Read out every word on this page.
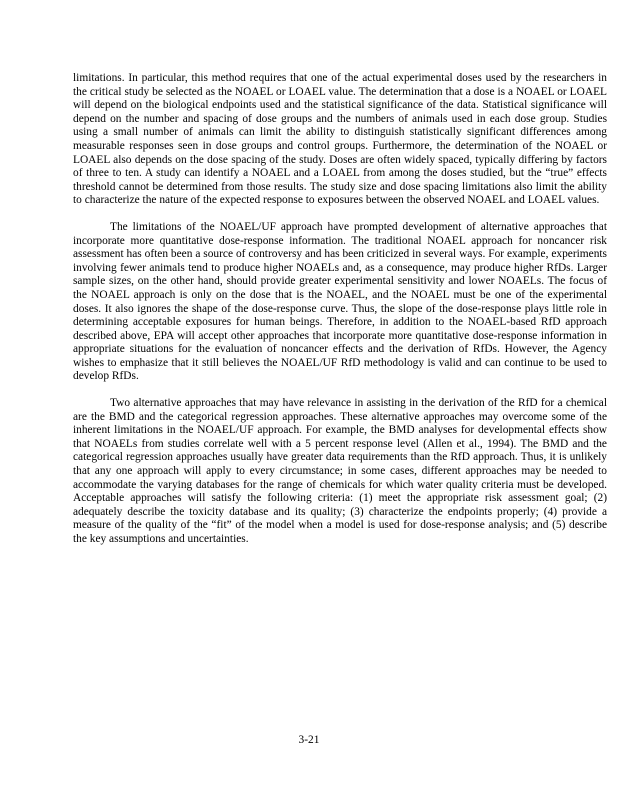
limitations. In particular, this method requires that one of the actual experimental doses used by the researchers in the critical study be selected as the NOAEL or LOAEL value. The determination that a dose is a NOAEL or LOAEL will depend on the biological endpoints used and the statistical significance of the data. Statistical significance will depend on the number and spacing of dose groups and the numbers of animals used in each dose group. Studies using a small number of animals can limit the ability to distinguish statistically significant differences among measurable responses seen in dose groups and control groups. Furthermore, the determination of the NOAEL or LOAEL also depends on the dose spacing of the study. Doses are often widely spaced, typically differing by factors of three to ten. A study can identify a NOAEL and a LOAEL from among the doses studied, but the “true” effects threshold cannot be determined from those results. The study size and dose spacing limitations also limit the ability to characterize the nature of the expected response to exposures between the observed NOAEL and LOAEL values.

The limitations of the NOAEL/UF approach have prompted development of alternative approaches that incorporate more quantitative dose-response information. The traditional NOAEL approach for noncancer risk assessment has often been a source of controversy and has been criticized in several ways. For example, experiments involving fewer animals tend to produce higher NOAELs and, as a consequence, may produce higher RfDs. Larger sample sizes, on the other hand, should provide greater experimental sensitivity and lower NOAELs. The focus of the NOAEL approach is only on the dose that is the NOAEL, and the NOAEL must be one of the experimental doses. It also ignores the shape of the dose-response curve. Thus, the slope of the dose-response plays little role in determining acceptable exposures for human beings. Therefore, in addition to the NOAEL-based RfD approach described above, EPA will accept other approaches that incorporate more quantitative dose-response information in appropriate situations for the evaluation of noncancer effects and the derivation of RfDs. However, the Agency wishes to emphasize that it still believes the NOAEL/UF RfD methodology is valid and can continue to be used to develop RfDs.

Two alternative approaches that may have relevance in assisting in the derivation of the RfD for a chemical are the BMD and the categorical regression approaches. These alternative approaches may overcome some of the inherent limitations in the NOAEL/UF approach. For example, the BMD analyses for developmental effects show that NOAELs from studies correlate well with a 5 percent response level (Allen et al., 1994). The BMD and the categorical regression approaches usually have greater data requirements than the RfD approach. Thus, it is unlikely that any one approach will apply to every circumstance; in some cases, different approaches may be needed to accommodate the varying databases for the range of chemicals for which water quality criteria must be developed. Acceptable approaches will satisfy the following criteria: (1) meet the appropriate risk assessment goal; (2) adequately describe the toxicity database and its quality; (3) characterize the endpoints properly; (4) provide a measure of the quality of the “fit” of the model when a model is used for dose-response analysis; and (5) describe the key assumptions and uncertainties.

3-21
